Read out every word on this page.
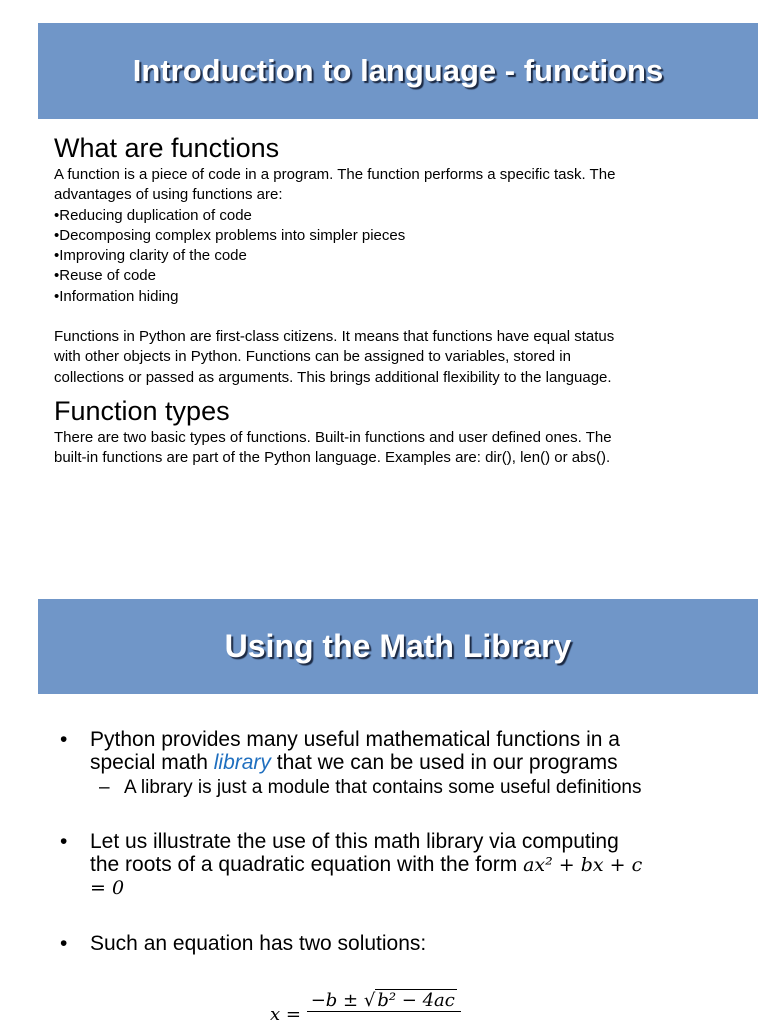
Introduction to language - functions
What are functions

A function is a piece of code in a program. The function performs a specific task. The

advantages of using functions are:

•Reducing duplication of code

•Decomposing complex problems into simpler pieces

•Improving clarity of the code

•Reuse of code

•Information hiding

Functions in Python are first-class citizens. It means that functions have equal status

with other objects in Python. Functions can be assigned to variables, stored in

collections or passed as arguments. This brings additional flexibility to the language.

Function types

There are two basic types of functions. Built-in functions and user defined ones. The

built-in functions are part of the Python language. Examples are: dir(), len() or abs().

Using the Math Library
• Python provides many useful mathematical functions in a
special math library that we can be used in our programs
– A library is just a module that contains some useful definitions
• Let us illustrate the use of this math library via computing
the roots of a quadratic equation with the form ax² + bx + c
= 0
• Such an equation has two solutions:
x =
−b ± √ b² − 4ac
